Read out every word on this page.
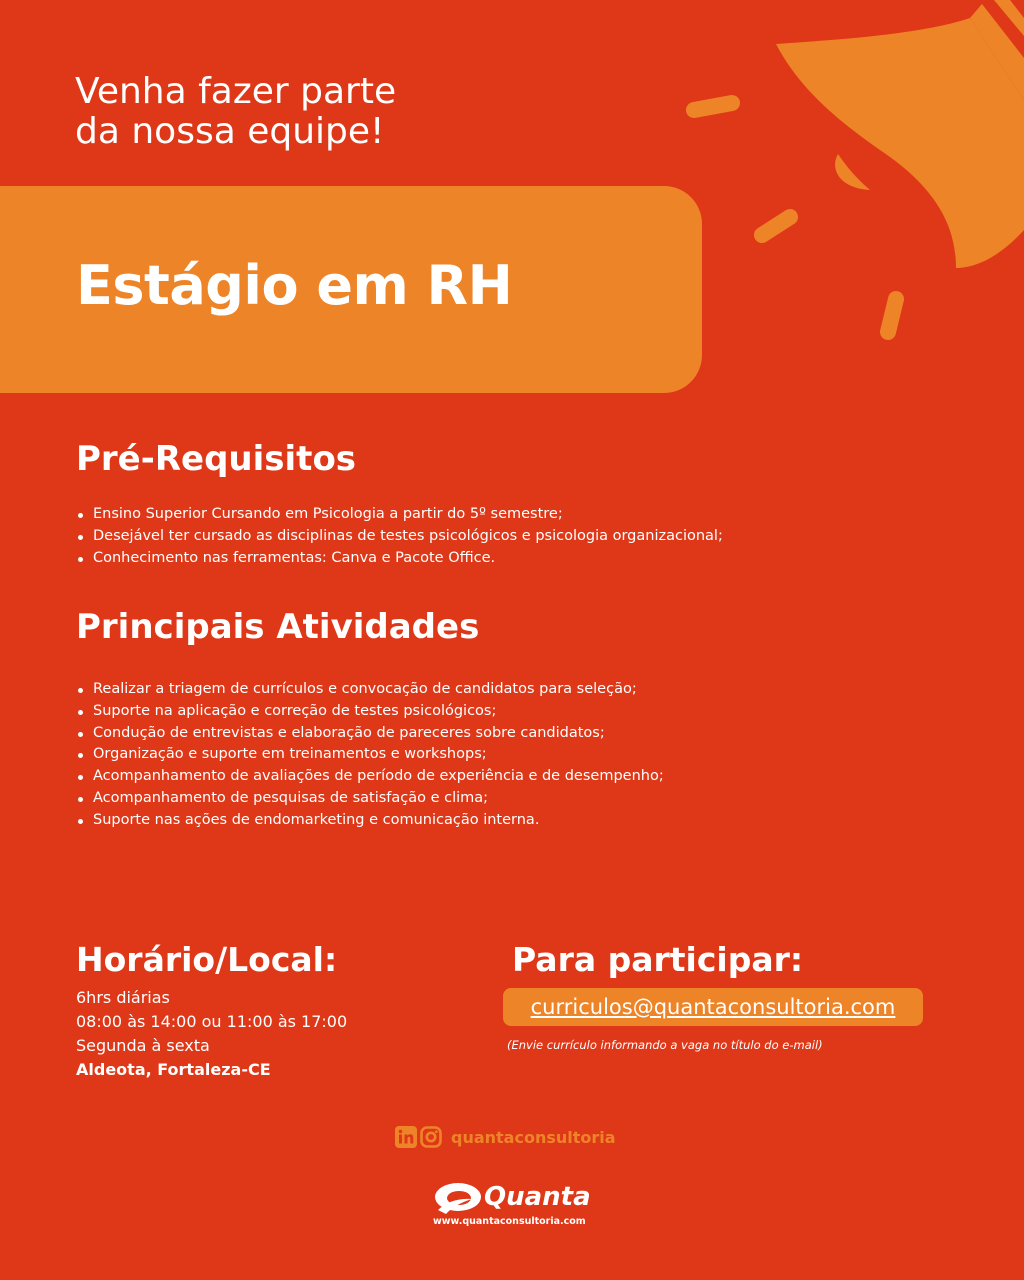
Venha fazer parte
da nossa equipe!
Estágio em RH
Pré-Requisitos
Ensino Superior Cursando em Psicologia a partir do 5º semestre;
Desejável ter cursado as disciplinas de testes psicológicos e psicologia organizacional;
Conhecimento nas ferramentas: Canva e Pacote Office.
Principais Atividades
Realizar a triagem de currículos e convocação de candidatos para seleção;
Suporte na aplicação e correção de testes psicológicos;
Condução de entrevistas e elaboração de pareceres sobre candidatos;
Organização e suporte em treinamentos e workshops;
Acompanhamento de avaliações de período de experiência e de desempenho;
Acompanhamento de pesquisas de satisfação e clima;
Suporte nas ações de endomarketing e comunicação interna.
Horário/Local:
6hrs diárias
08:00 às 14:00 ou 11:00 às 17:00
Segunda à sexta
Aldeota, Fortaleza-CE
Para participar:
curriculos@quantaconsultoria.com
(Envie currículo informando a vaga no título do e-mail)
quantaconsultoria
Quanta
www.quantaconsultoria.com
